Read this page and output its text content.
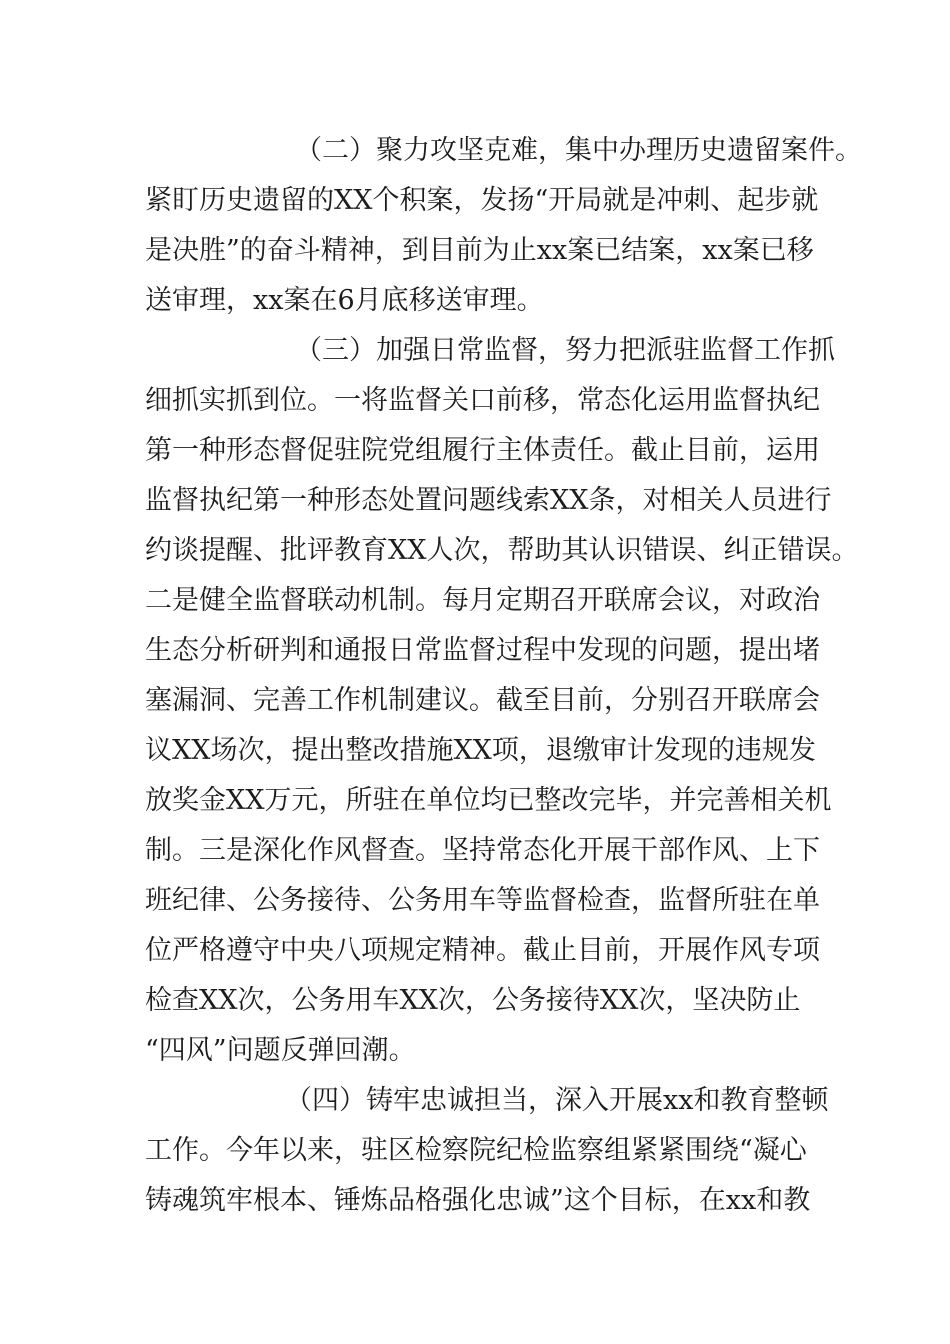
（二）聚力攻坚克难，集中办理历史遗留案件。
紧盯历史遗留的XX个积案，发扬“开局就是冲刺、起步就
是决胜”的奋斗精神，到目前为止xx案已结案，xx案已移
送审理，xx案在6月底移送审理。
（三）加强日常监督，努力把派驻监督工作抓
细抓实抓到位。一将监督关口前移，常态化运用监督执纪
第一种形态督促驻院党组履行主体责任。截止目前，运用
监督执纪第一种形态处置问题线索XX条，对相关人员进行
约谈提醒、批评教育XX人次，帮助其认识错误、纠正错误。
二是健全监督联动机制。每月定期召开联席会议，对政治
生态分析研判和通报日常监督过程中发现的问题，提出堵
塞漏洞、完善工作机制建议。截至目前，分别召开联席会
议XX场次，提出整改措施XX项，退缴审计发现的违规发
放奖金XX万元，所驻在单位均已整改完毕，并完善相关机
制。三是深化作风督查。坚持常态化开展干部作风、上下
班纪律、公务接待、公务用车等监督检查，监督所驻在单
位严格遵守中央八项规定精神。截止目前，开展作风专项
检查XX次，公务用车XX次，公务接待XX次，坚决防止
“四风”问题反弹回潮。
（四）铸牢忠诚担当，深入开展xx和教育整顿
工作。今年以来，驻区检察院纪检监察组紧紧围绕“凝心
铸魂筑牢根本、锤炼品格强化忠诚”这个目标，在xx和教
